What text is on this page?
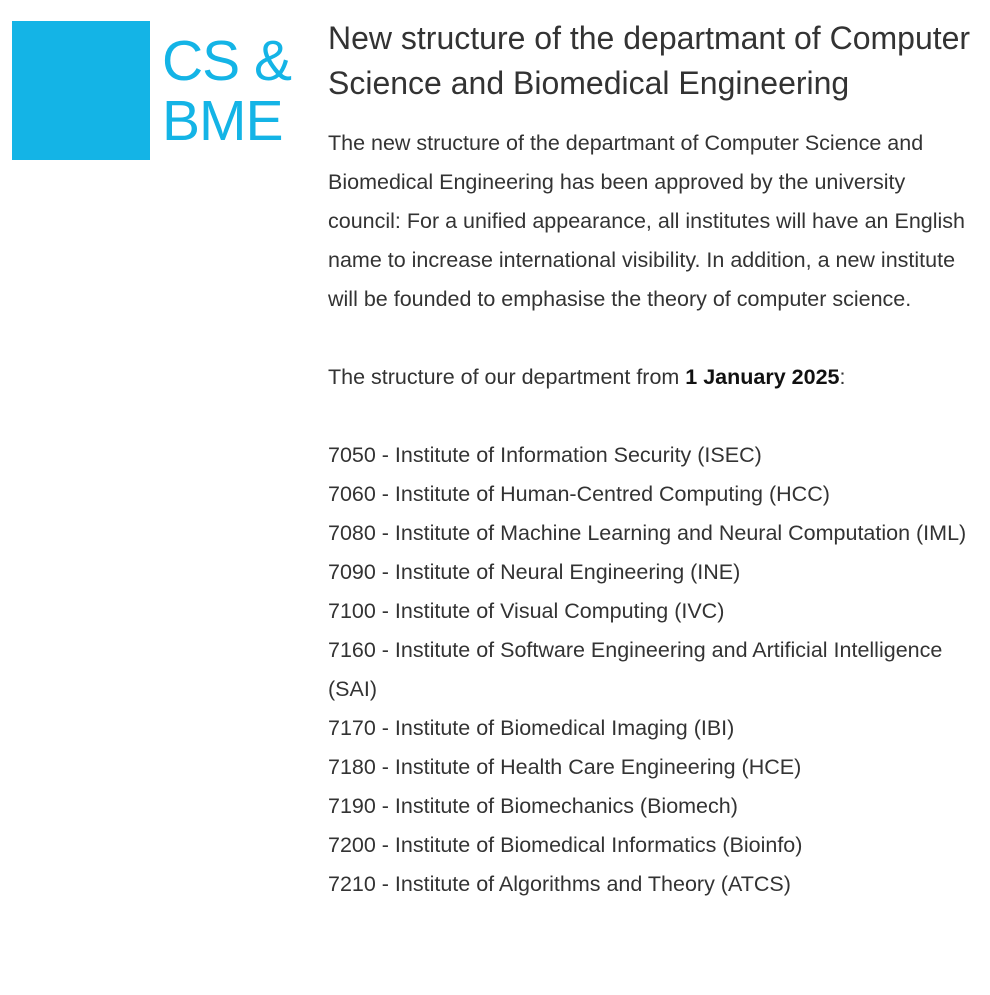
CS &
BME
New structure of the departmant of Computer Science and Biomedical Engineering

The new structure of the departmant of Computer Science and Biomedical Engineering has been approved by the university council: For a unified appearance, all institutes will have an English name to increase international visibility. In addition, a new institute will be founded to emphasise the theory of computer science.

The structure of our department from 1 January 2025:

7050 - Institute of Information Security (ISEC)
7060 - Institute of Human-Centred Computing (HCC)
7080 - Institute of Machine Learning and Neural Computation (IML)
7090 - Institute of Neural Engineering (INE)
7100 - Institute of Visual Computing (IVC)
7160 - Institute of Software Engineering and Artificial Intelligence (SAI)
7170 - Institute of Biomedical Imaging (IBI)
7180 - Institute of Health Care Engineering (HCE)
7190 - Institute of Biomechanics (Biomech)
7200 - Institute of Biomedical Informatics (Bioinfo)
7210 - Institute of Algorithms and Theory (ATCS)
